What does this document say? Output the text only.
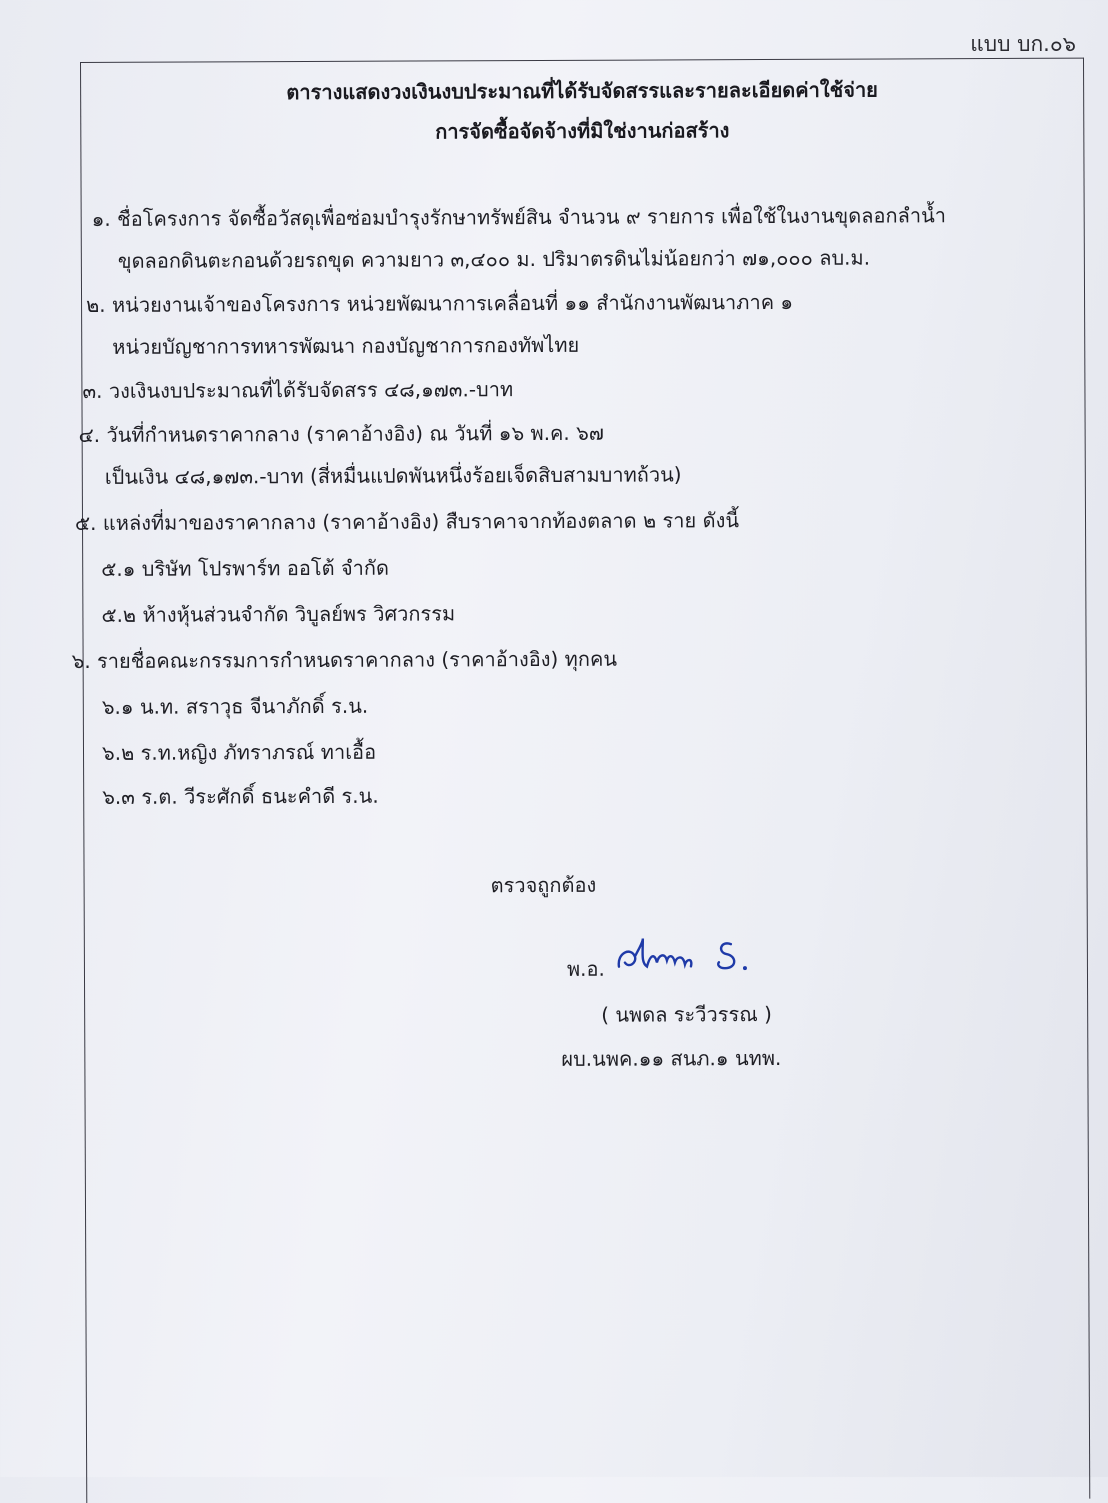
แบบ บก.๐๖
ตารางแสดงวงเงินงบประมาณที่ได้รับจัดสรรและรายละเอียดค่าใช้จ่าย
การจัดซื้อจัดจ้างที่มิใช่งานก่อสร้าง
๑. ชื่อโครงการ จัดซื้อวัสดุเพื่อซ่อมบำรุงรักษาทรัพย์สิน จำนวน ๙ รายการ เพื่อใช้ในงานขุดลอกลำน้ำ
ขุดลอกดินตะกอนด้วยรถขุด ความยาว ๓,๔๐๐ ม. ปริมาตรดินไม่น้อยกว่า ๗๑,๐๐๐ ลบ.ม.
๒. หน่วยงานเจ้าของโครงการ หน่วยพัฒนาการเคลื่อนที่ ๑๑ สำนักงานพัฒนาภาค ๑
หน่วยบัญชาการทหารพัฒนา กองบัญชาการกองทัพไทย
๓. วงเงินงบประมาณที่ได้รับจัดสรร ๔๘,๑๗๓.-บาท
๔. วันที่กำหนดราคากลาง (ราคาอ้างอิง) ณ วันที่ ๑๖ พ.ค. ๖๗
เป็นเงิน ๔๘,๑๗๓.-บาท (สี่หมื่นแปดพันหนึ่งร้อยเจ็ดสิบสามบาทถ้วน)
๕. แหล่งที่มาของราคากลาง (ราคาอ้างอิง) สืบราคาจากท้องตลาด ๒ ราย ดังนี้
๕.๑ บริษัท โปรพาร์ท ออโต้ จำกัด
๕.๒ ห้างหุ้นส่วนจำกัด วิบูลย์พร วิศวกรรม
๖. รายชื่อคณะกรรมการกำหนดราคากลาง (ราคาอ้างอิง) ทุกคน
๖.๑ น.ท. สราวุธ จีนาภักดิ์ ร.น.
๖.๒ ร.ท.หญิง ภัทราภรณ์ ทาเอื้อ
๖.๓ ร.ต. วีระศักดิ์ ธนะคำดี ร.น.
ตรวจถูกต้อง
พ.อ.
( นพดล ระวีวรรณ )
ผบ.นพค.๑๑ สนภ.๑ นทพ.
